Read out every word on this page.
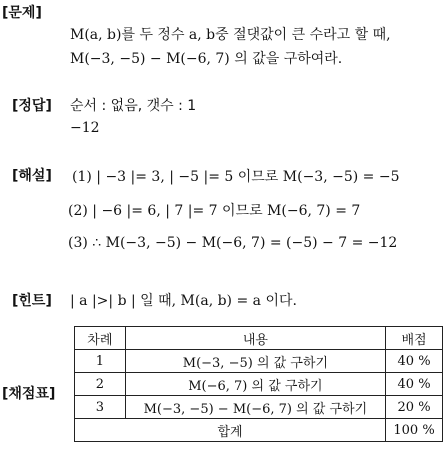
[문제]
M(a, b)를 두 정수 a, b중 절댓값이 큰 수라고 할 때,
M(−3, −5) − M(−6, 7) 의 값을 구하여라.
[정답] 순서 : 없음, 갯수 : 1
−12
[해설] (1) | −3 |= 3, | −5 |= 5 이므로 M(−3, −5) = −5
(2) | −6 |= 6, | 7 |= 7 이므로 M(−6, 7) = 7
(3) ∴ M(−3, −5) − M(−6, 7) = (−5) − 7 = −12
[힌트] | a |>| b | 일 때, M(a, b) = a 이다.
[채점표]
차례	내용	배점
1	M(−3, −5) 의 값 구하기	40 %
2	M(−6, 7) 의 값 구하기	40 %
3	M(−3, −5) − M(−6, 7) 의 값 구하기	20 %
합계		100 %
